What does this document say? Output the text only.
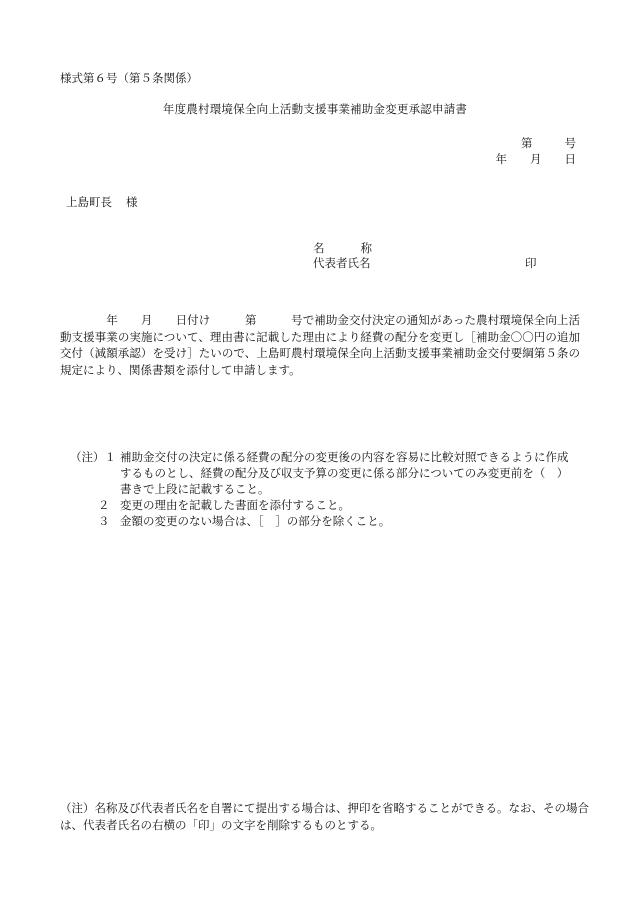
様式第６号（第５条関係）
年度農村環境保全向上活動支援事業補助金変更承認申請書
第	号
年 月 日
上島町長 様
名	称
代表者氏名	印
　　　　年　　月　　日付け　　　第　　　号で補助金交付決定の通知があった農村環境保全向上活動支援事業の実施について、理由書に記載した理由により経費の配分を変更し［補助金〇〇円の追加交付（減額承認）を受け］たいので、上島町農村環境保全向上活動支援事業補助金交付要綱第５条の規定により、関係書類を添付して申請します。
（注）１ 補助金交付の決定に係る経費の配分の変更後の内容を容易に比較対照できるように作成
するものとし、経費の配分及び収支予算の変更に係る部分についてのみ変更前を（　）
書きで上段に記載すること。
２ 変更の理由を記載した書面を添付すること。
３ 金額の変更のない場合は、［　］の部分を除くこと。
（注）名称及び代表者氏名を自署にて提出する場合は、押印を省略することができる。なお、その場合は、代表者氏名の右横の「印」の文字を削除するものとする。
